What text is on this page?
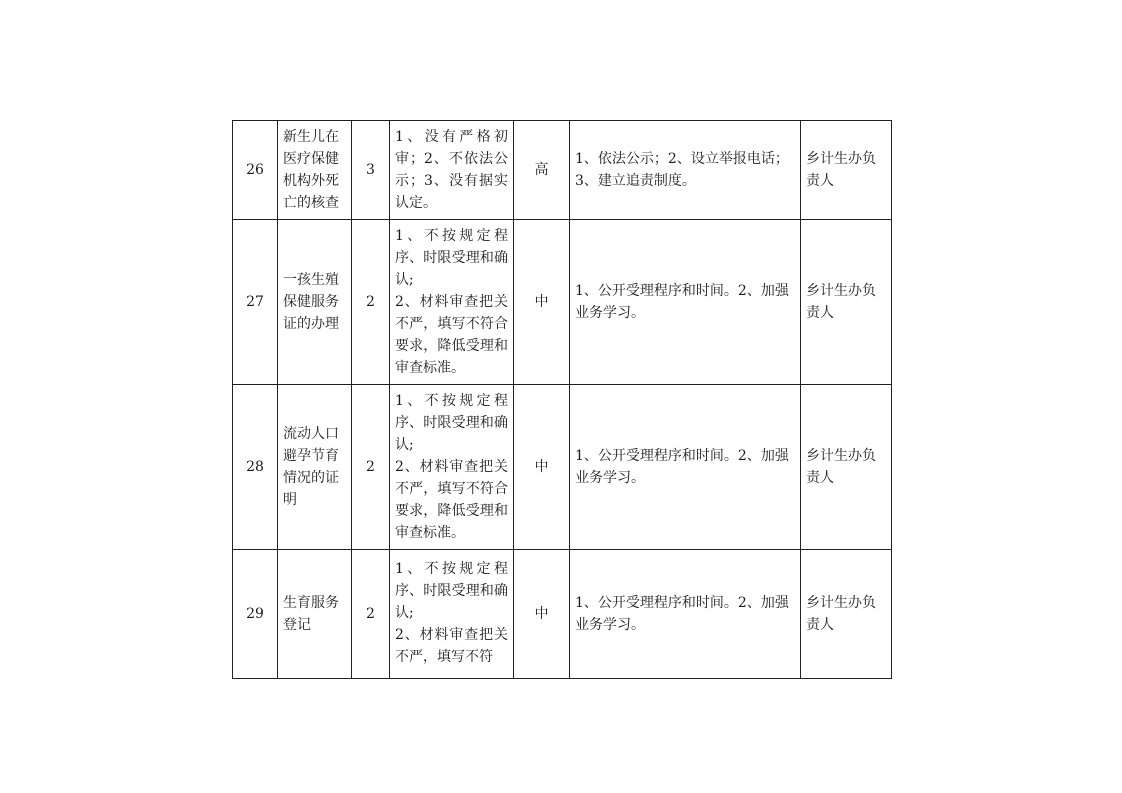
26	新生儿在医疗保健机构外死亡的核查	3	1、没有严格初审；2、不依法公示；3、没有据实认定。	高	1、依法公示；2、设立举报电话；3、建立追责制度。	乡计生办负责人
27	一孩生殖保健服务证的办理	2	1、不按规定程序、时限受理和确认;
2、材料审查把关不严，填写不符合要求，降低受理和审查标准。	中	1、公开受理程序和时间。2、加强业务学习。	乡计生办负责人
28	流动人口避孕节育情况的证明	2	1、不按规定程序、时限受理和确认;
2、材料审查把关不严，填写不符合要求，降低受理和审查标准。	中	1、公开受理程序和时间。2、加强业务学习。	乡计生办负责人
29	生育服务登记	2	1、不按规定程序、时限受理和确认;
2、材料审查把关不严，填写不符	中	1、公开受理程序和时间。2、加强业务学习。	乡计生办负责人
